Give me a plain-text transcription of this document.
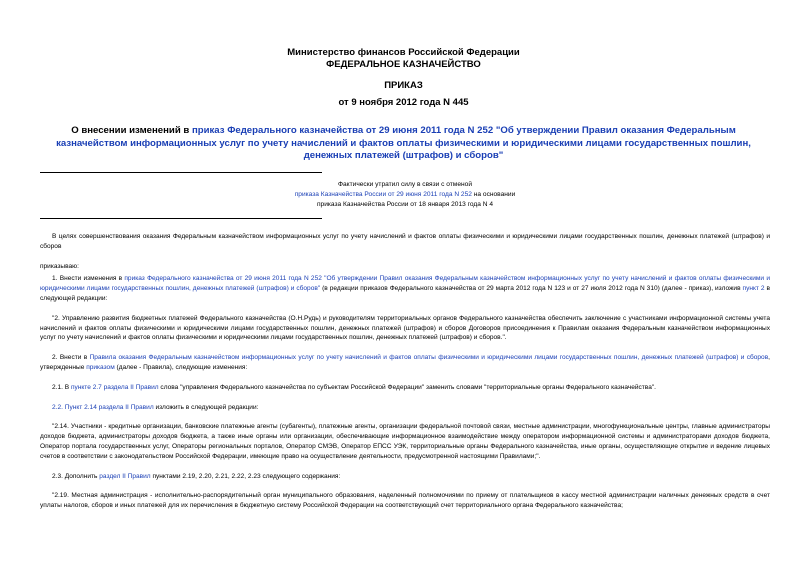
Министерство финансов Российской Федерации
ФЕДЕРАЛЬНОЕ КАЗНАЧЕЙСТВО
ПРИКАЗ
от 9 ноября 2012 года N 445
О внесении изменений в приказ Федерального казначейства от 29 июня 2011 года N 252 "Об утверждении Правил оказания Федеральным казначейством информационных услуг по учету начислений и фактов оплаты физическими и юридическими лицами государственных пошлин, денежных платежей (штрафов) и сборов"
Фактически утратил силу в связи с отменой
приказа Казначейства России от 29 июня 2011 года N 252 на основании
приказа Казначейства России от 18 января 2013 года N 4

В целях совершенствования оказания Федеральным казначейством информационных услуг по учету начислений и фактов оплаты физическими и юридическими лицами государственных пошлин, денежных платежей (штрафов) и сборов

приказываю:

1. Внести изменения в приказ Федерального казначейства от 29 июня 2011 года N 252 "Об утверждении Правил оказания Федеральным казначейством информационных услуг по учету начислений и фактов оплаты физическими и юридическими лицами государственных пошлин, денежных платежей (штрафов) и сборов" (в редакции приказов Федерального казначейства от 29 марта 2012 года N 123 и от 27 июля 2012 года N 310) (далее - приказ), изложив пункт 2 в следующей редакции:

"2. Управлению развития бюджетных платежей Федерального казначейства (О.Н.Рудь) и руководителям территориальных органов Федерального казначейства обеспечить заключение с участниками информационной системы учета начислений и фактов оплаты физическими и юридическими лицами государственных пошлин, денежных платежей (штрафов) и сборов Договоров присоединения к Правилам оказания Федеральным казначейством информационных услуг по учету начислений и фактов оплаты физическими и юридическими лицами государственных пошлин, денежных платежей (штрафов) и сборов.".

2. Внести в Правила оказания Федеральным казначейством информационных услуг по учету начислений и фактов оплаты физическими и юридическими лицами государственных пошлин, денежных платежей (штрафов) и сборов, утвержденные приказом (далее - Правила), следующие изменения:

2.1. В пункте 2.7 раздела II Правил слова "управления Федерального казначейства по субъектам Российской Федерации" заменить словами "территориальные органы Федерального казначейства".

2.2. Пункт 2.14 раздела II Правил изложить в следующей редакции:

"2.14. Участники - кредитные организации, банковские платежные агенты (субагенты), платежные агенты, организации федеральной почтовой связи, местные администрации, многофункциональные центры, главные администраторы доходов бюджета, администраторы доходов бюджета, а также иные органы или организации, обеспечивающие информационное взаимодействие между оператором информационной системы и администраторами доходов бюджета, Оператор портала государственных услуг, Операторы региональных порталов, Оператор СМЭВ, Оператор ЕПСС УЭК, территориальные органы Федерального казначейства, иные органы, осуществляющие открытие и ведение лицевых счетов в соответствии с законодательством Российской Федерации, имеющие право на осуществление деятельности, предусмотренной настоящими Правилами;".

2.3. Дополнить раздел II Правил пунктами 2.19, 2.20, 2.21, 2.22, 2.23 следующего содержания:

"2.19. Местная администрация - исполнительно-распорядительный орган муниципального образования, наделенный полномочиями по приему от плательщиков в кассу местной администрации наличных денежных средств в счет уплаты налогов, сборов и иных платежей для их перечисления в бюджетную систему Российской Федерации на соответствующий счет территориального органа Федерального казначейства;
